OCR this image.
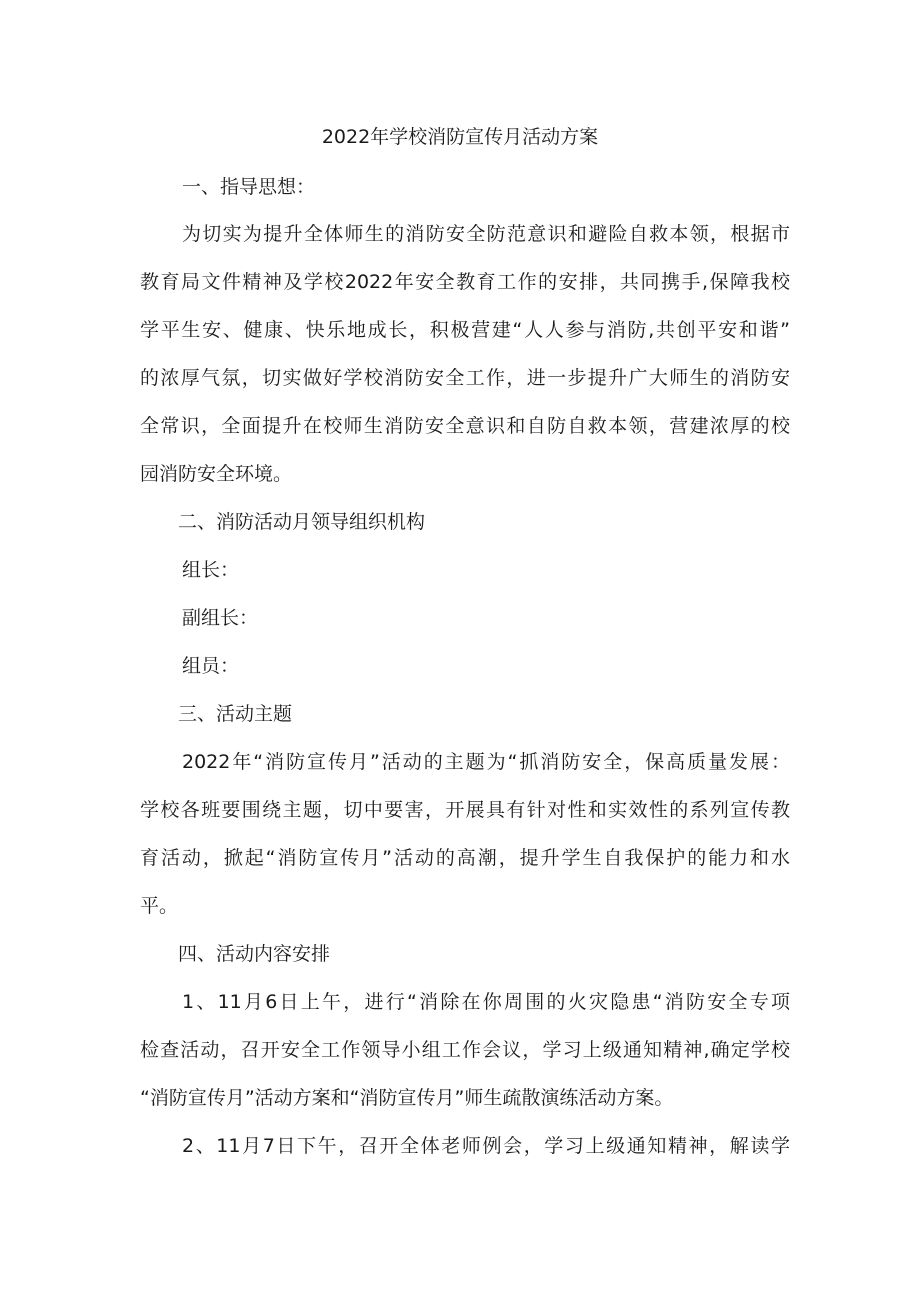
2022年学校消防宣传月活动方案
一、指导思想：
为切实为提升全体师生的消防安全防范意识和避险自救本领，根据市
教育局文件精神及学校2022年安全教育工作的安排，共同携手,保障我校
学平生安、健康、快乐地成长，积极营建“人人参与消防,共创平安和谐”
的浓厚气氛，切实做好学校消防安全工作，进一步提升广大师生的消防安
全常识，全面提升在校师生消防安全意识和自防自救本领，营建浓厚的校
园消防安全环境。
二、消防活动月领导组织机构
组长：
副组长：
组员：
三、活动主题
2022年“消防宣传月”活动的主题为“抓消防安全，保高质量发展：
学校各班要围绕主题，切中要害，开展具有针对性和实效性的系列宣传教
育活动，掀起“消防宣传月”活动的高潮，提升学生自我保护的能力和水
平。
四、活动内容安排
1、11月6日上午，进行“消除在你周围的火灾隐患“消防安全专项
检查活动，召开安全工作领导小组工作会议，学习上级通知精神,确定学校
“消防宣传月”活动方案和“消防宣传月”师生疏散演练活动方案。
2、11月7日下午，召开全体老师例会，学习上级通知精神，解读学
